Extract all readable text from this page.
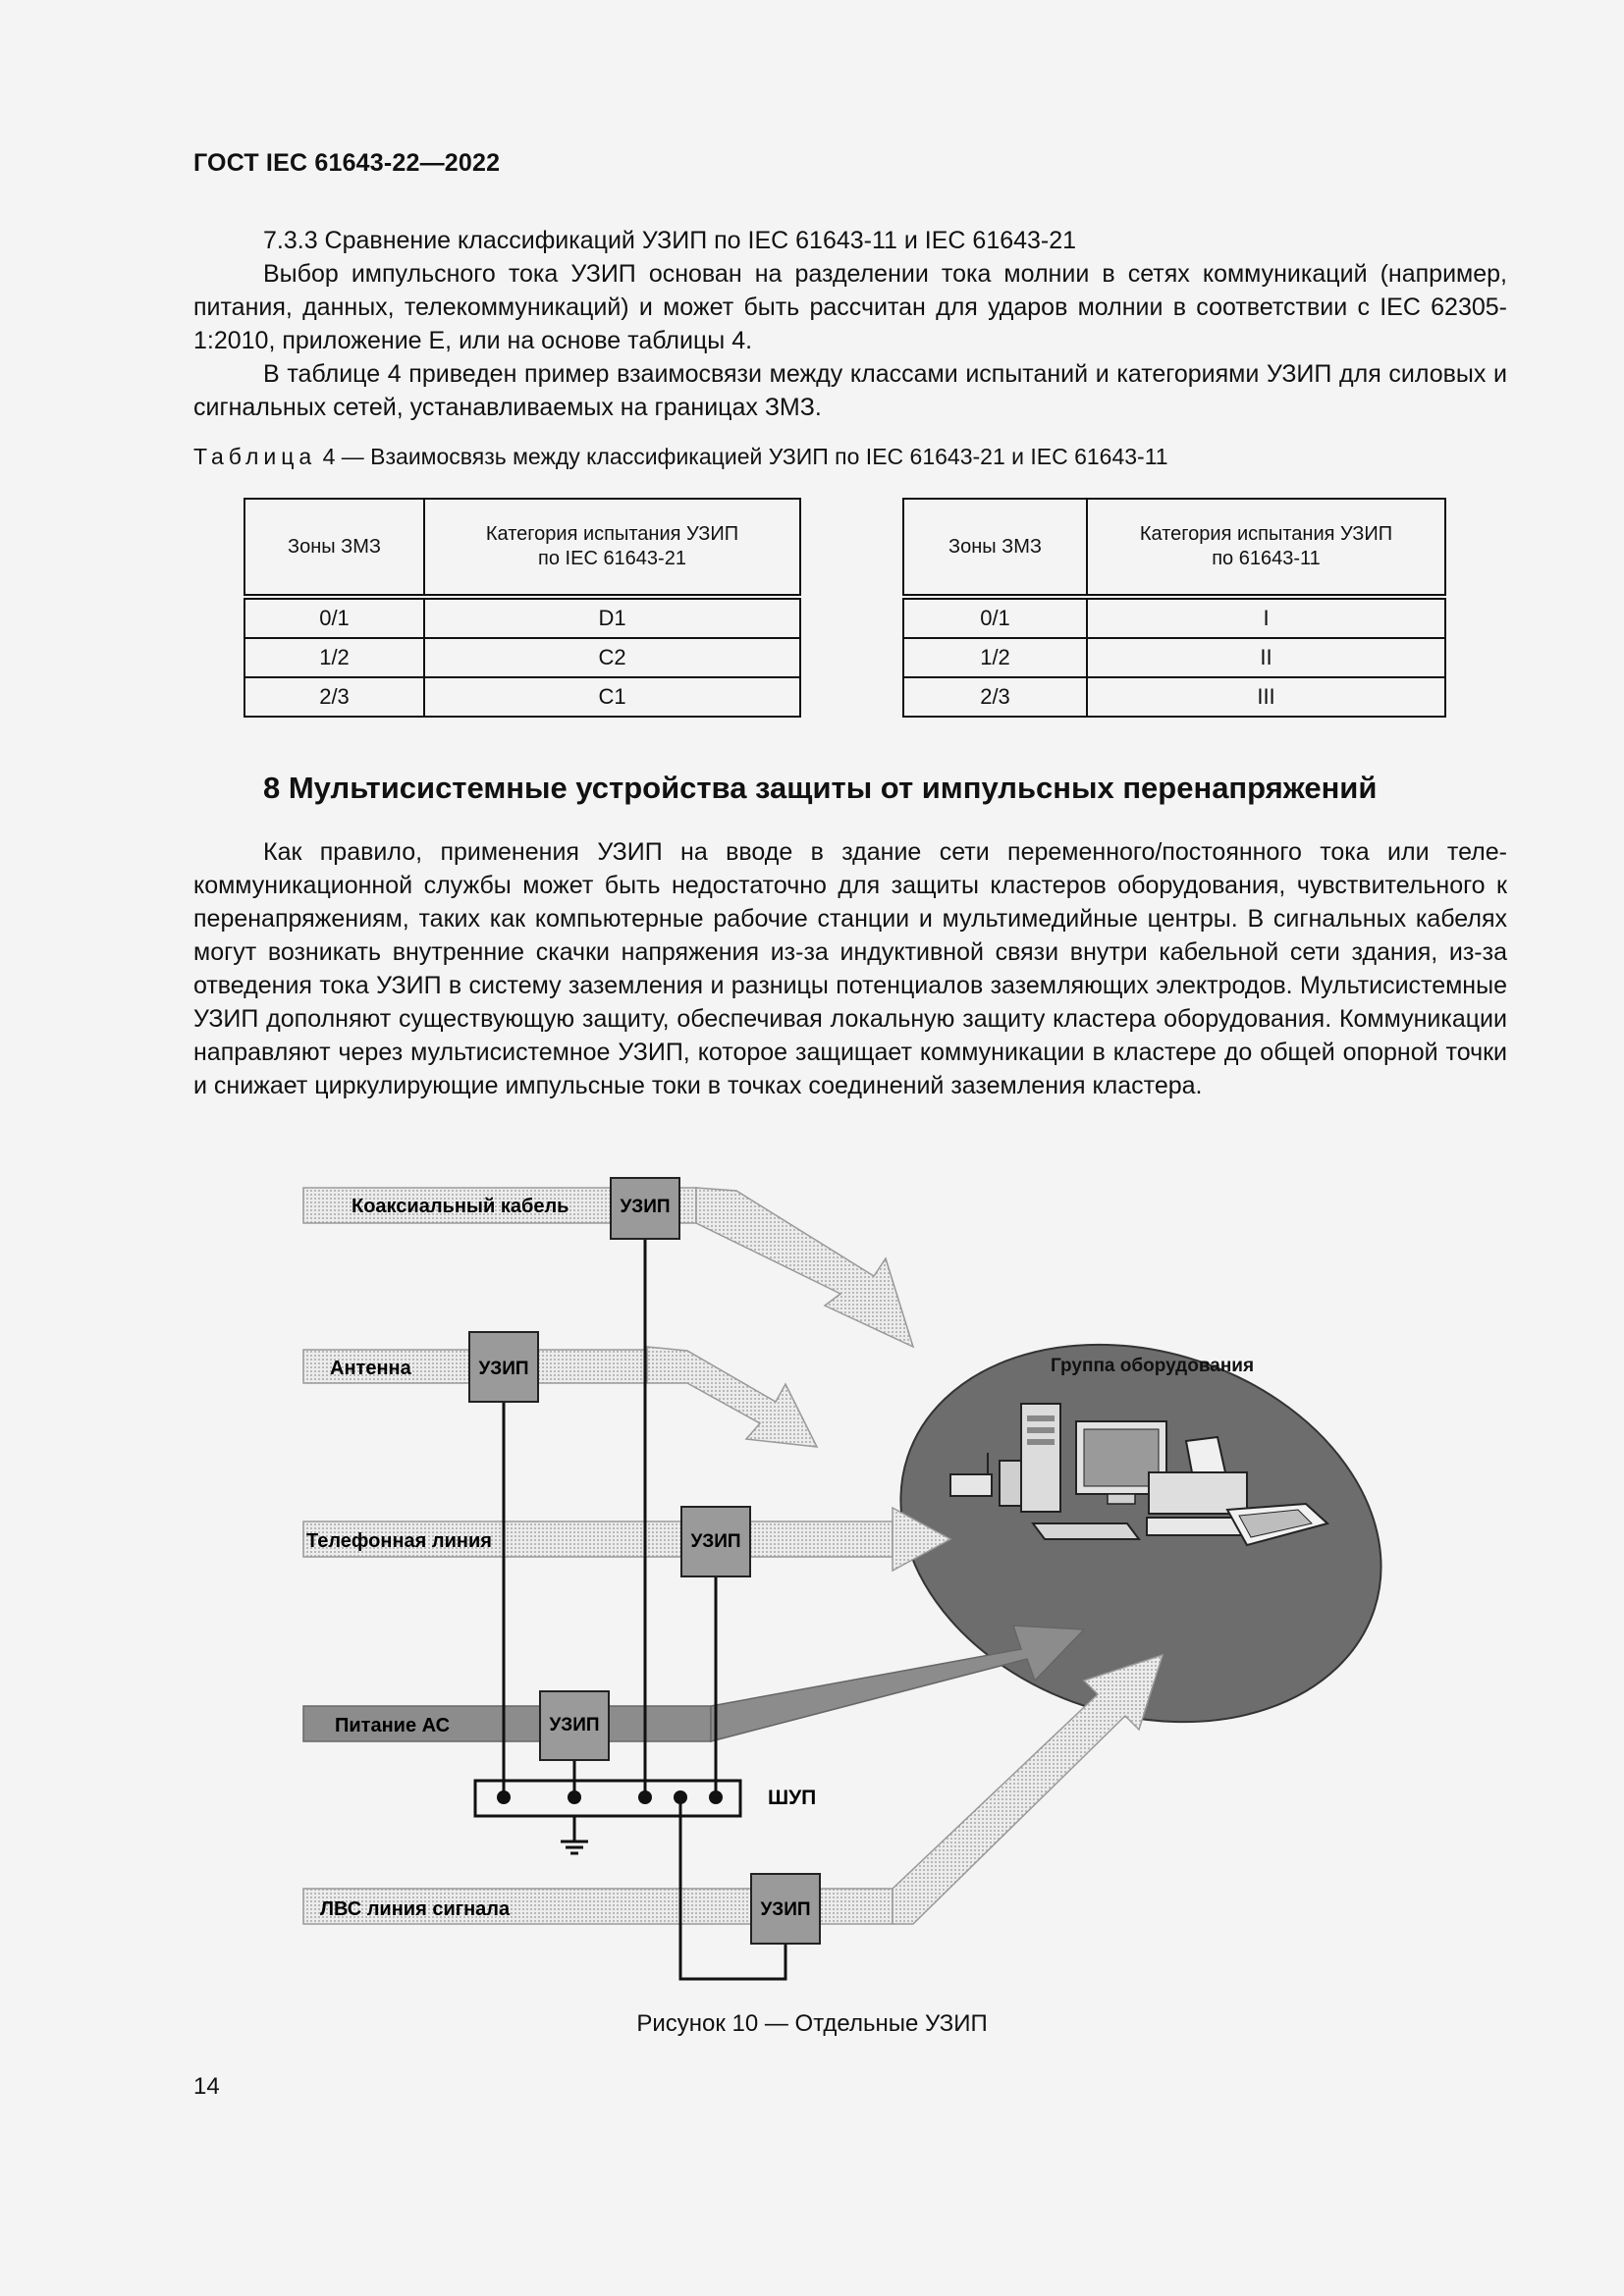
ГОСТ IEC 61643-22—2022

7.3.3 Сравнение классификаций УЗИП по IEC 61643-11 и IEC 61643-21

Выбор импульсного тока УЗИП основан на разделении тока молнии в сетях коммуникаций (например, питания, данных, телекоммуникаций) и может быть рассчитан для ударов молнии в соответствии с IEC 62305-1:2010, приложение Е, или на основе таблицы 4.

В таблице 4 приведен пример взаимосвязи между классами испытаний и категориями УЗИП для силовых и сигнальных сетей, устанавливаемых на границах ЗМЗ.

Таблица 4 — Взаимосвязь между классификацией УЗИП по IEC 61643-21 и IEC 61643-11
Зоны ЗМЗ	Категория испытания УЗИП
по IEC 61643-21

0/1	D1
1/2	C2
2/3	C1
Зоны ЗМЗ	Категория испытания УЗИП
по 61643-11

0/1	I
1/2	II
2/3	III
8 Мультисистемные устройства защиты от импульсных перенапряжений

Как правило, применения УЗИП на вводе в здание сети переменного/постоянного тока или телекоммуникационной службы может быть недостаточно для защиты кластеров оборудования, чувствительного к перенапряжениям, таких как компьютерные рабочие станции и мультимедийные центры. В сигнальных кабелях могут возникать внутренние скачки напряжения из-за индуктивной связи внутри кабельной сети здания, из-за отведения тока УЗИП в систему заземления и разницы потенциалов заземляющих электродов. Мультисистемные УЗИП дополняют существующую защиту, обеспечивая локальную защиту кластера оборудования. Коммуникации направляют через мультисистемное УЗИП, которое защищает коммуникации в кластере до общей опорной точки и снижает циркулирующие импульсные токи в точках соединений заземления кластера.

Группа оборудования
Коаксиальный кабель
Антенна
Телефонная линия
Питание АС
ЛВС линия сигнала
ШУП
УЗИП
УЗИП
УЗИП
УЗИП
УЗИП
Рисунок 10 — Отдельные УЗИП
14
